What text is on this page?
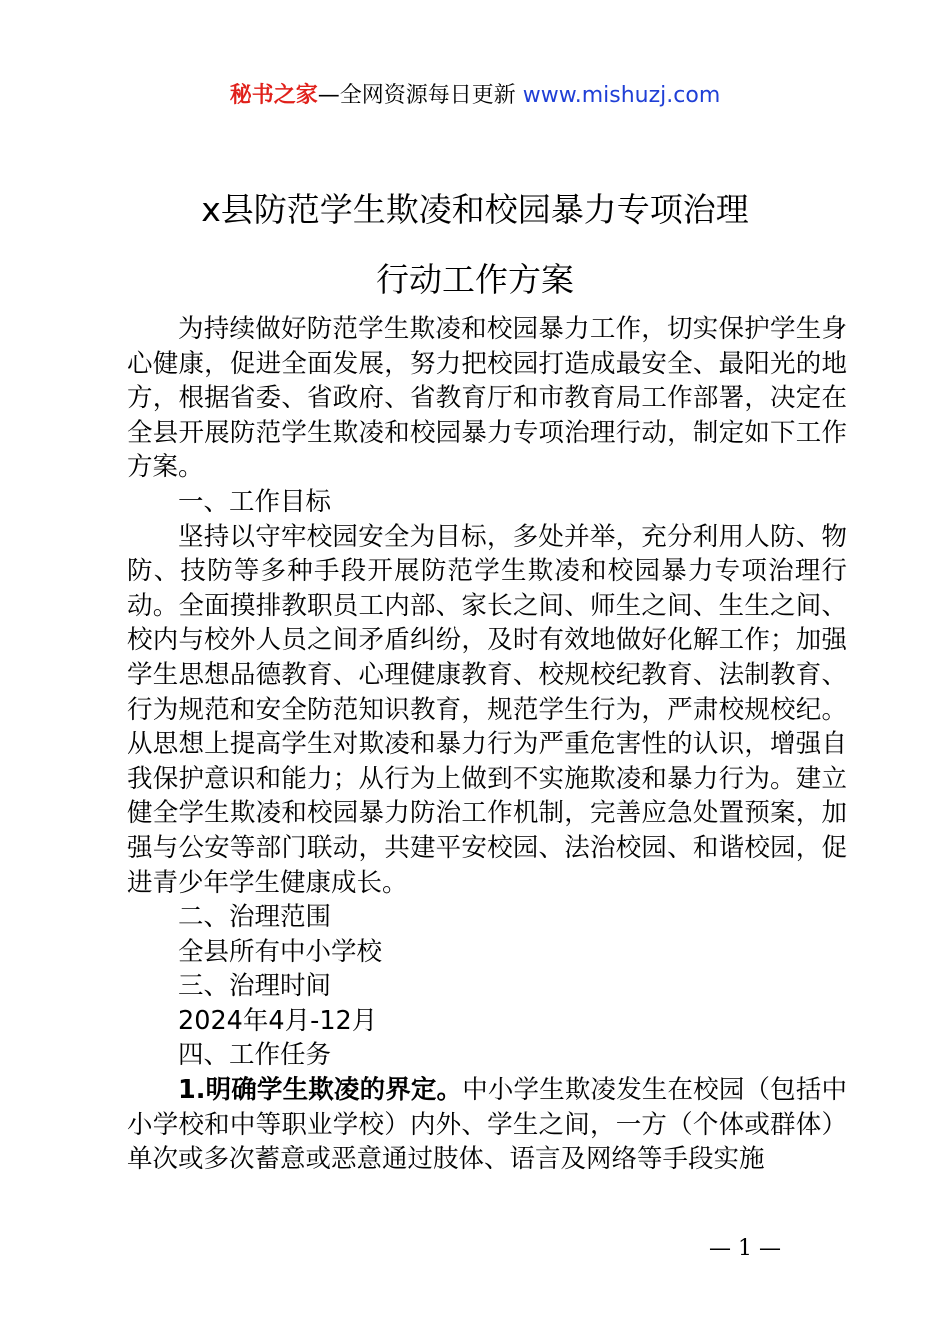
秘书之家—全网资源每日更新 www.mishuzj.com
x县防范学生欺凌和校园暴力专项治理
行动工作方案

为持续做好防范学生欺凌和校园暴力工作，切实保护学生身心健康，促进全面发展，努力把校园打造成最安全、最阳光的地方，根据省委、省政府、省教育厅和市教育局工作部署，决定在全县开展防范学生欺凌和校园暴力专项治理行动，制定如下工作方案。

一、工作目标

坚持以守牢校园安全为目标，多处并举，充分利用人防、物防、技防等多种手段开展防范学生欺凌和校园暴力专项治理行动。全面摸排教职员工内部、家长之间、师生之间、生生之间、校内与校外人员之间矛盾纠纷，及时有效地做好化解工作；加强学生思想品德教育、心理健康教育、校规校纪教育、法制教育、行为规范和安全防范知识教育，规范学生行为，严肃校规校纪。从思想上提高学生对欺凌和暴力行为严重危害性的认识，增强自我保护意识和能力；从行为上做到不实施欺凌和暴力行为。建立健全学生欺凌和校园暴力防治工作机制，完善应急处置预案，加强与公安等部门联动，共建平安校园、法治校园、和谐校园，促进青少年学生健康成长。

二、治理范围

全县所有中小学校

三、治理时间

2024年4月-12月

四、工作任务

1.明确学生欺凌的界定。中小学生欺凌发生在校园（包括中小学校和中等职业学校）内外、学生之间，一方（个体或群体）单次或多次蓄意或恶意通过肢体、语言及网络等手段实施

— 1 —
